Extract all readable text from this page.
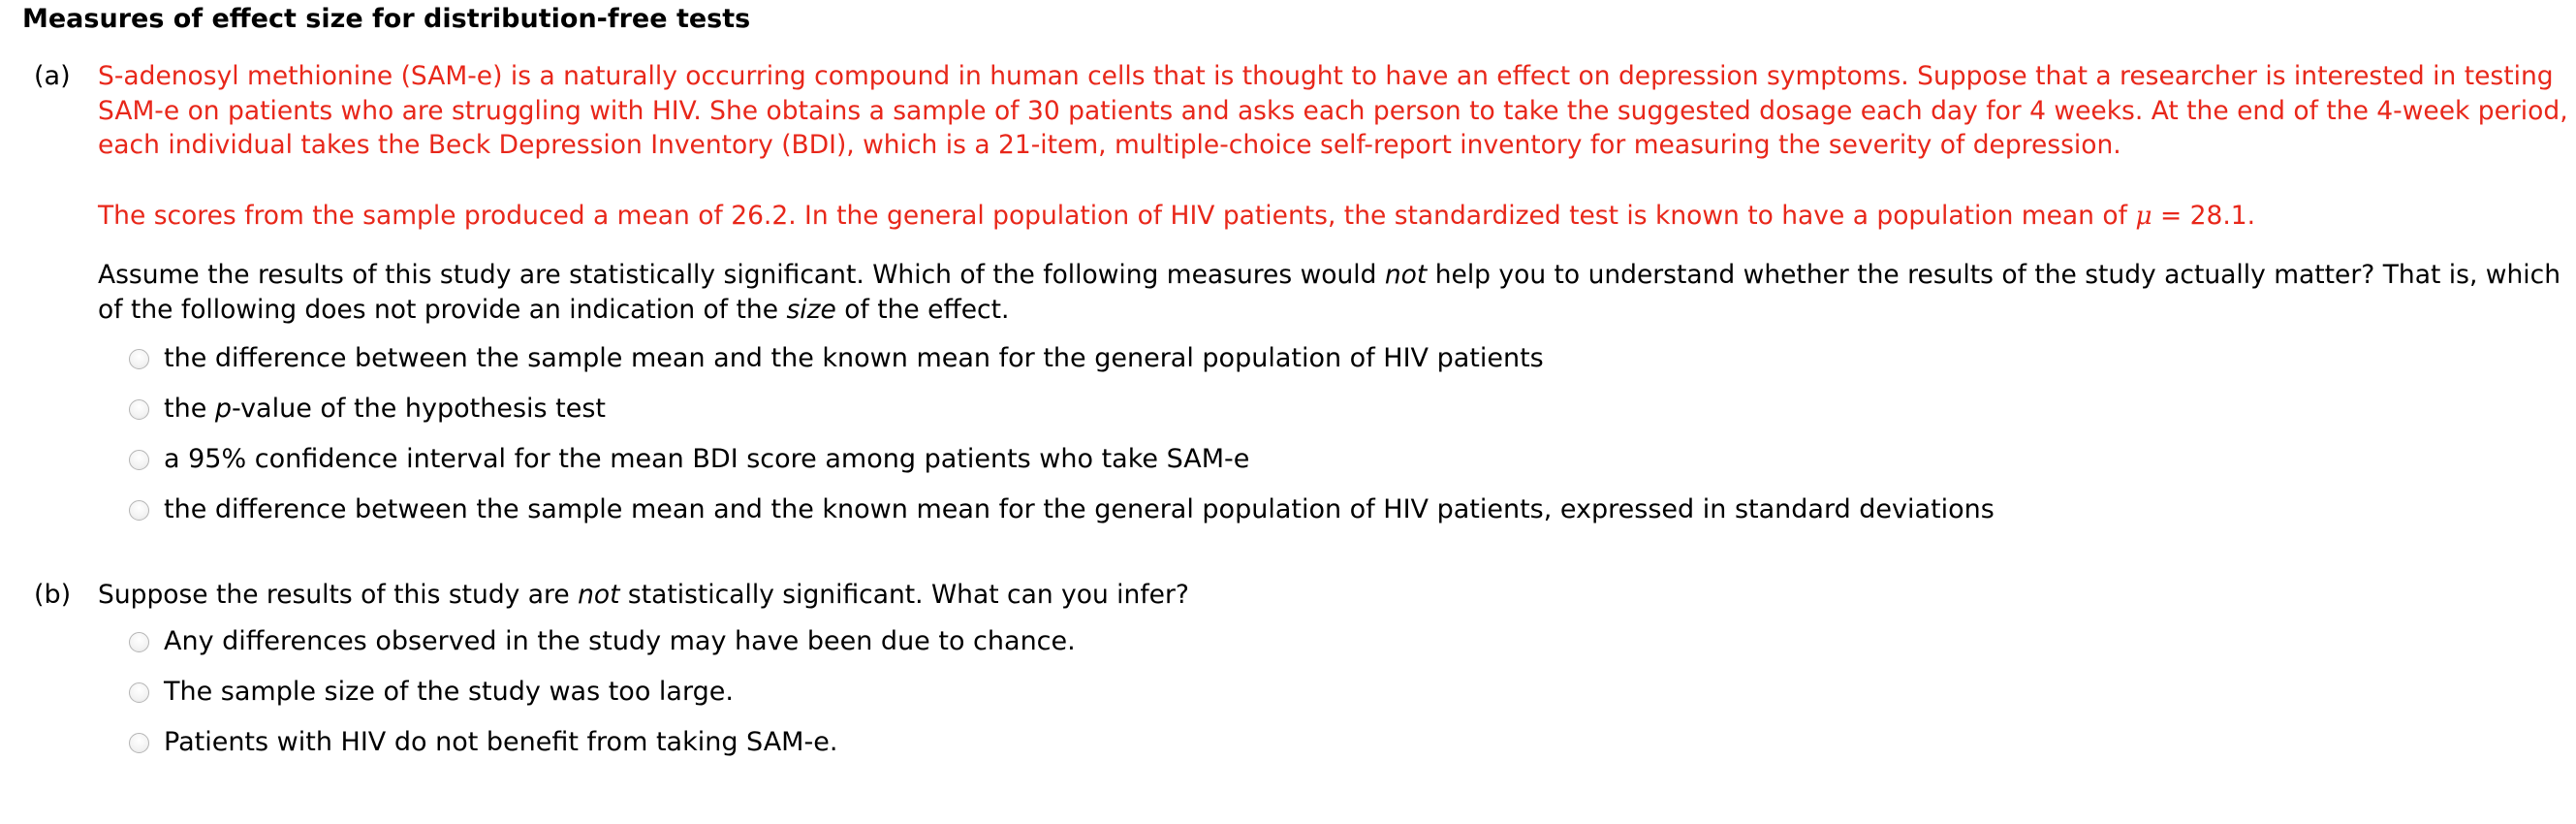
Measures of effect size for distribution-free tests
(a) S-adenosyl methionine (SAM-e) is a naturally occurring compound in human cells that is thought to have an effect on depression symptoms. Suppose that a researcher is interested in testing SAM-e on patients who are struggling with HIV. She obtains a sample of 30 patients and asks each person to take the suggested dosage each day for 4 weeks. At the end of the 4-week period, each individual takes the Beck Depression Inventory (BDI), which is a 21-item, multiple-choice self-report inventory for measuring the severity of depression.
The scores from the sample produced a mean of 26.2. In the general population of HIV patients, the standardized test is known to have a population mean of μ = 28.1.
Assume the results of this study are statistically significant. Which of the following measures would not help you to understand whether the results of the study actually matter? That is, which of the following does not provide an indication of the size of the effect.
the difference between the sample mean and the known mean for the general population of HIV patients
the p-value of the hypothesis test
a 95% confidence interval for the mean BDI score among patients who take SAM-e
the difference between the sample mean and the known mean for the general population of HIV patients, expressed in standard deviations
(b) Suppose the results of this study are not statistically significant. What can you infer?
Any differences observed in the study may have been due to chance.
The sample size of the study was too large.
Patients with HIV do not benefit from taking SAM-e.
